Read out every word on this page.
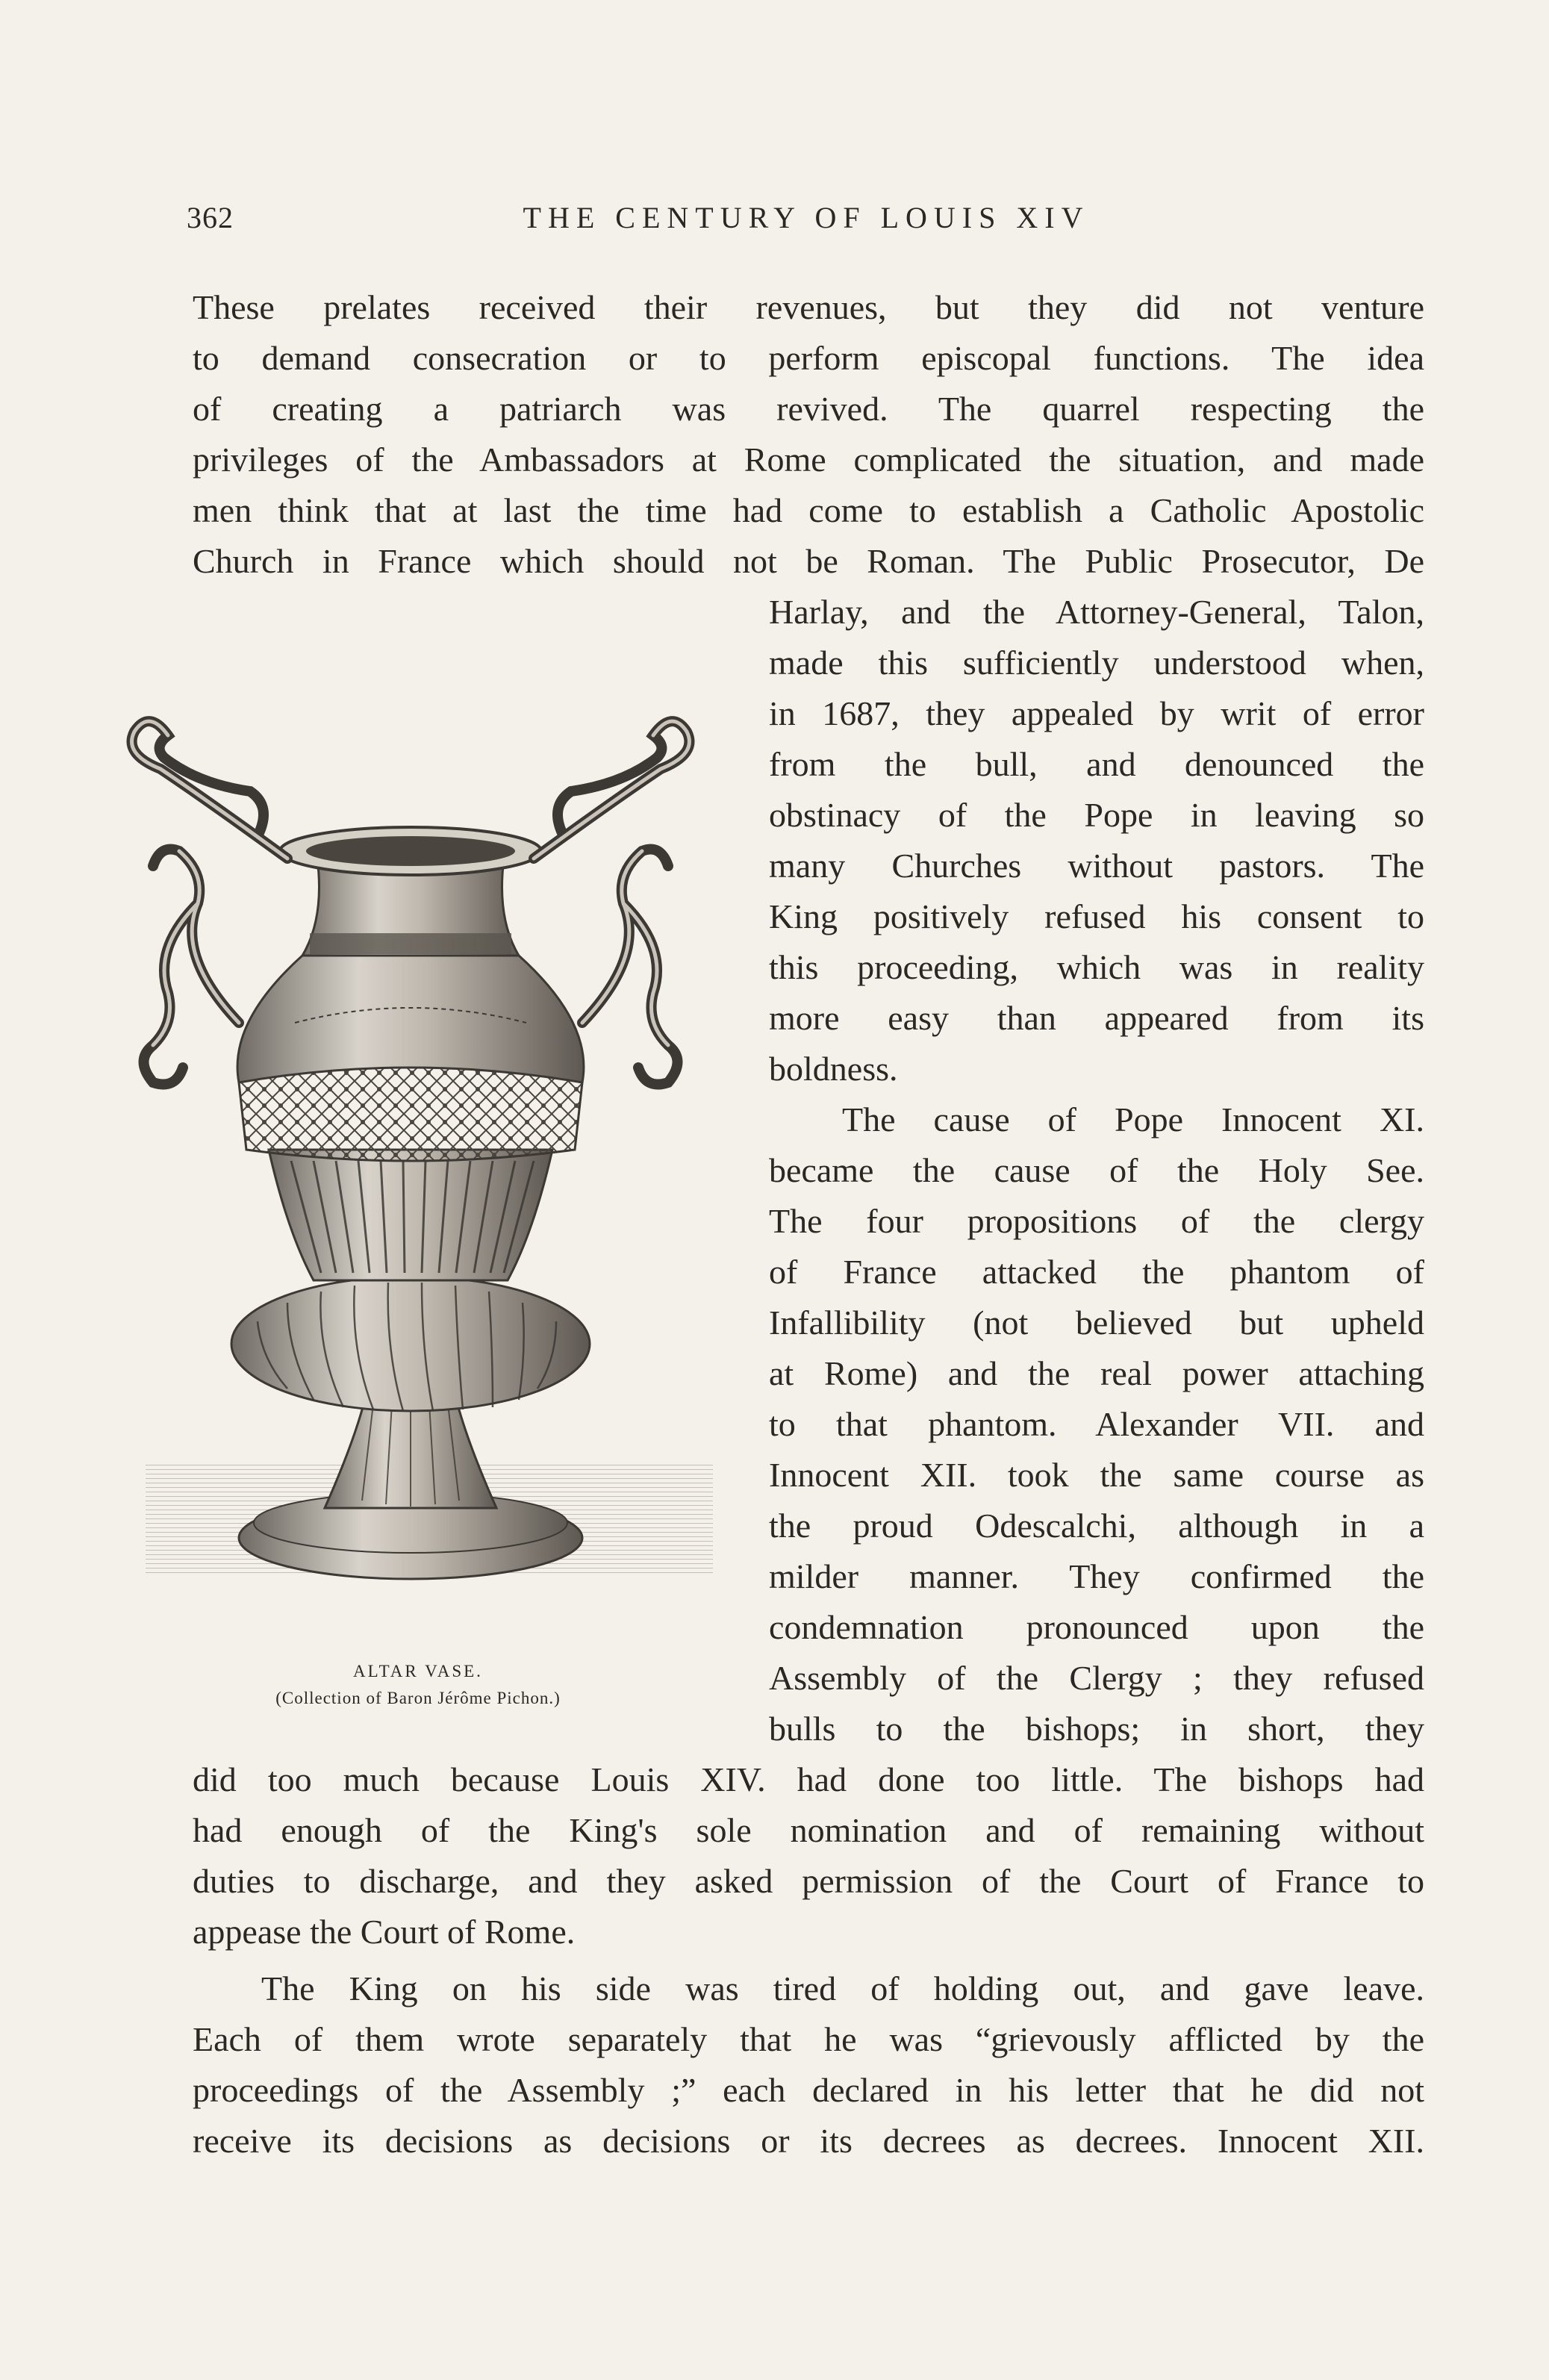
362	THE CENTURY OF LOUIS XIV
These prelates received their revenues, but they did not venture
to demand consecration or to perform episcopal functions. The idea
of creating a patriarch was revived. The quarrel respecting the
privileges of the Ambassadors at Rome complicated the situation, and made
men think that at last the time had come to establish a Catholic Apostolic
Church in France which should not be Roman. The Public Prosecutor, De
Harlay, and the Attorney-General, Talon,
made this sufficiently understood when,
in 1687, they appealed by writ of error
from the bull, and denounced the
obstinacy of the Pope in leaving so
many Churches without pastors. The
King positively refused his consent to
this proceeding, which was in reality
more easy than appeared from its
boldness.
The cause of Pope Innocent XI.
became the cause of the Holy See.
The four propositions of the clergy
of France attacked the phantom of
Infallibility (not believed but upheld
at Rome) and the real power attaching
to that phantom. Alexander VII. and
Innocent XII. took the same course as
the proud Odescalchi, although in a
milder manner. They confirmed the
condemnation pronounced upon the
Assembly of the Clergy ; they refused
bulls to the bishops; in short, they
did too much because Louis XIV. had done too little. The bishops had
had enough of the King's sole nomination and of remaining without
duties to discharge, and they asked permission of the Court of France to
appease the Court of Rome.
The King on his side was tired of holding out, and gave leave.
Each of them wrote separately that he was “grievously afflicted by the
proceedings of the Assembly ;” each declared in his letter that he did not
receive its decisions as decisions or its decrees as decrees. Innocent XII.
ALTAR VASE.
(Collection of Baron Jérôme Pichon.)
